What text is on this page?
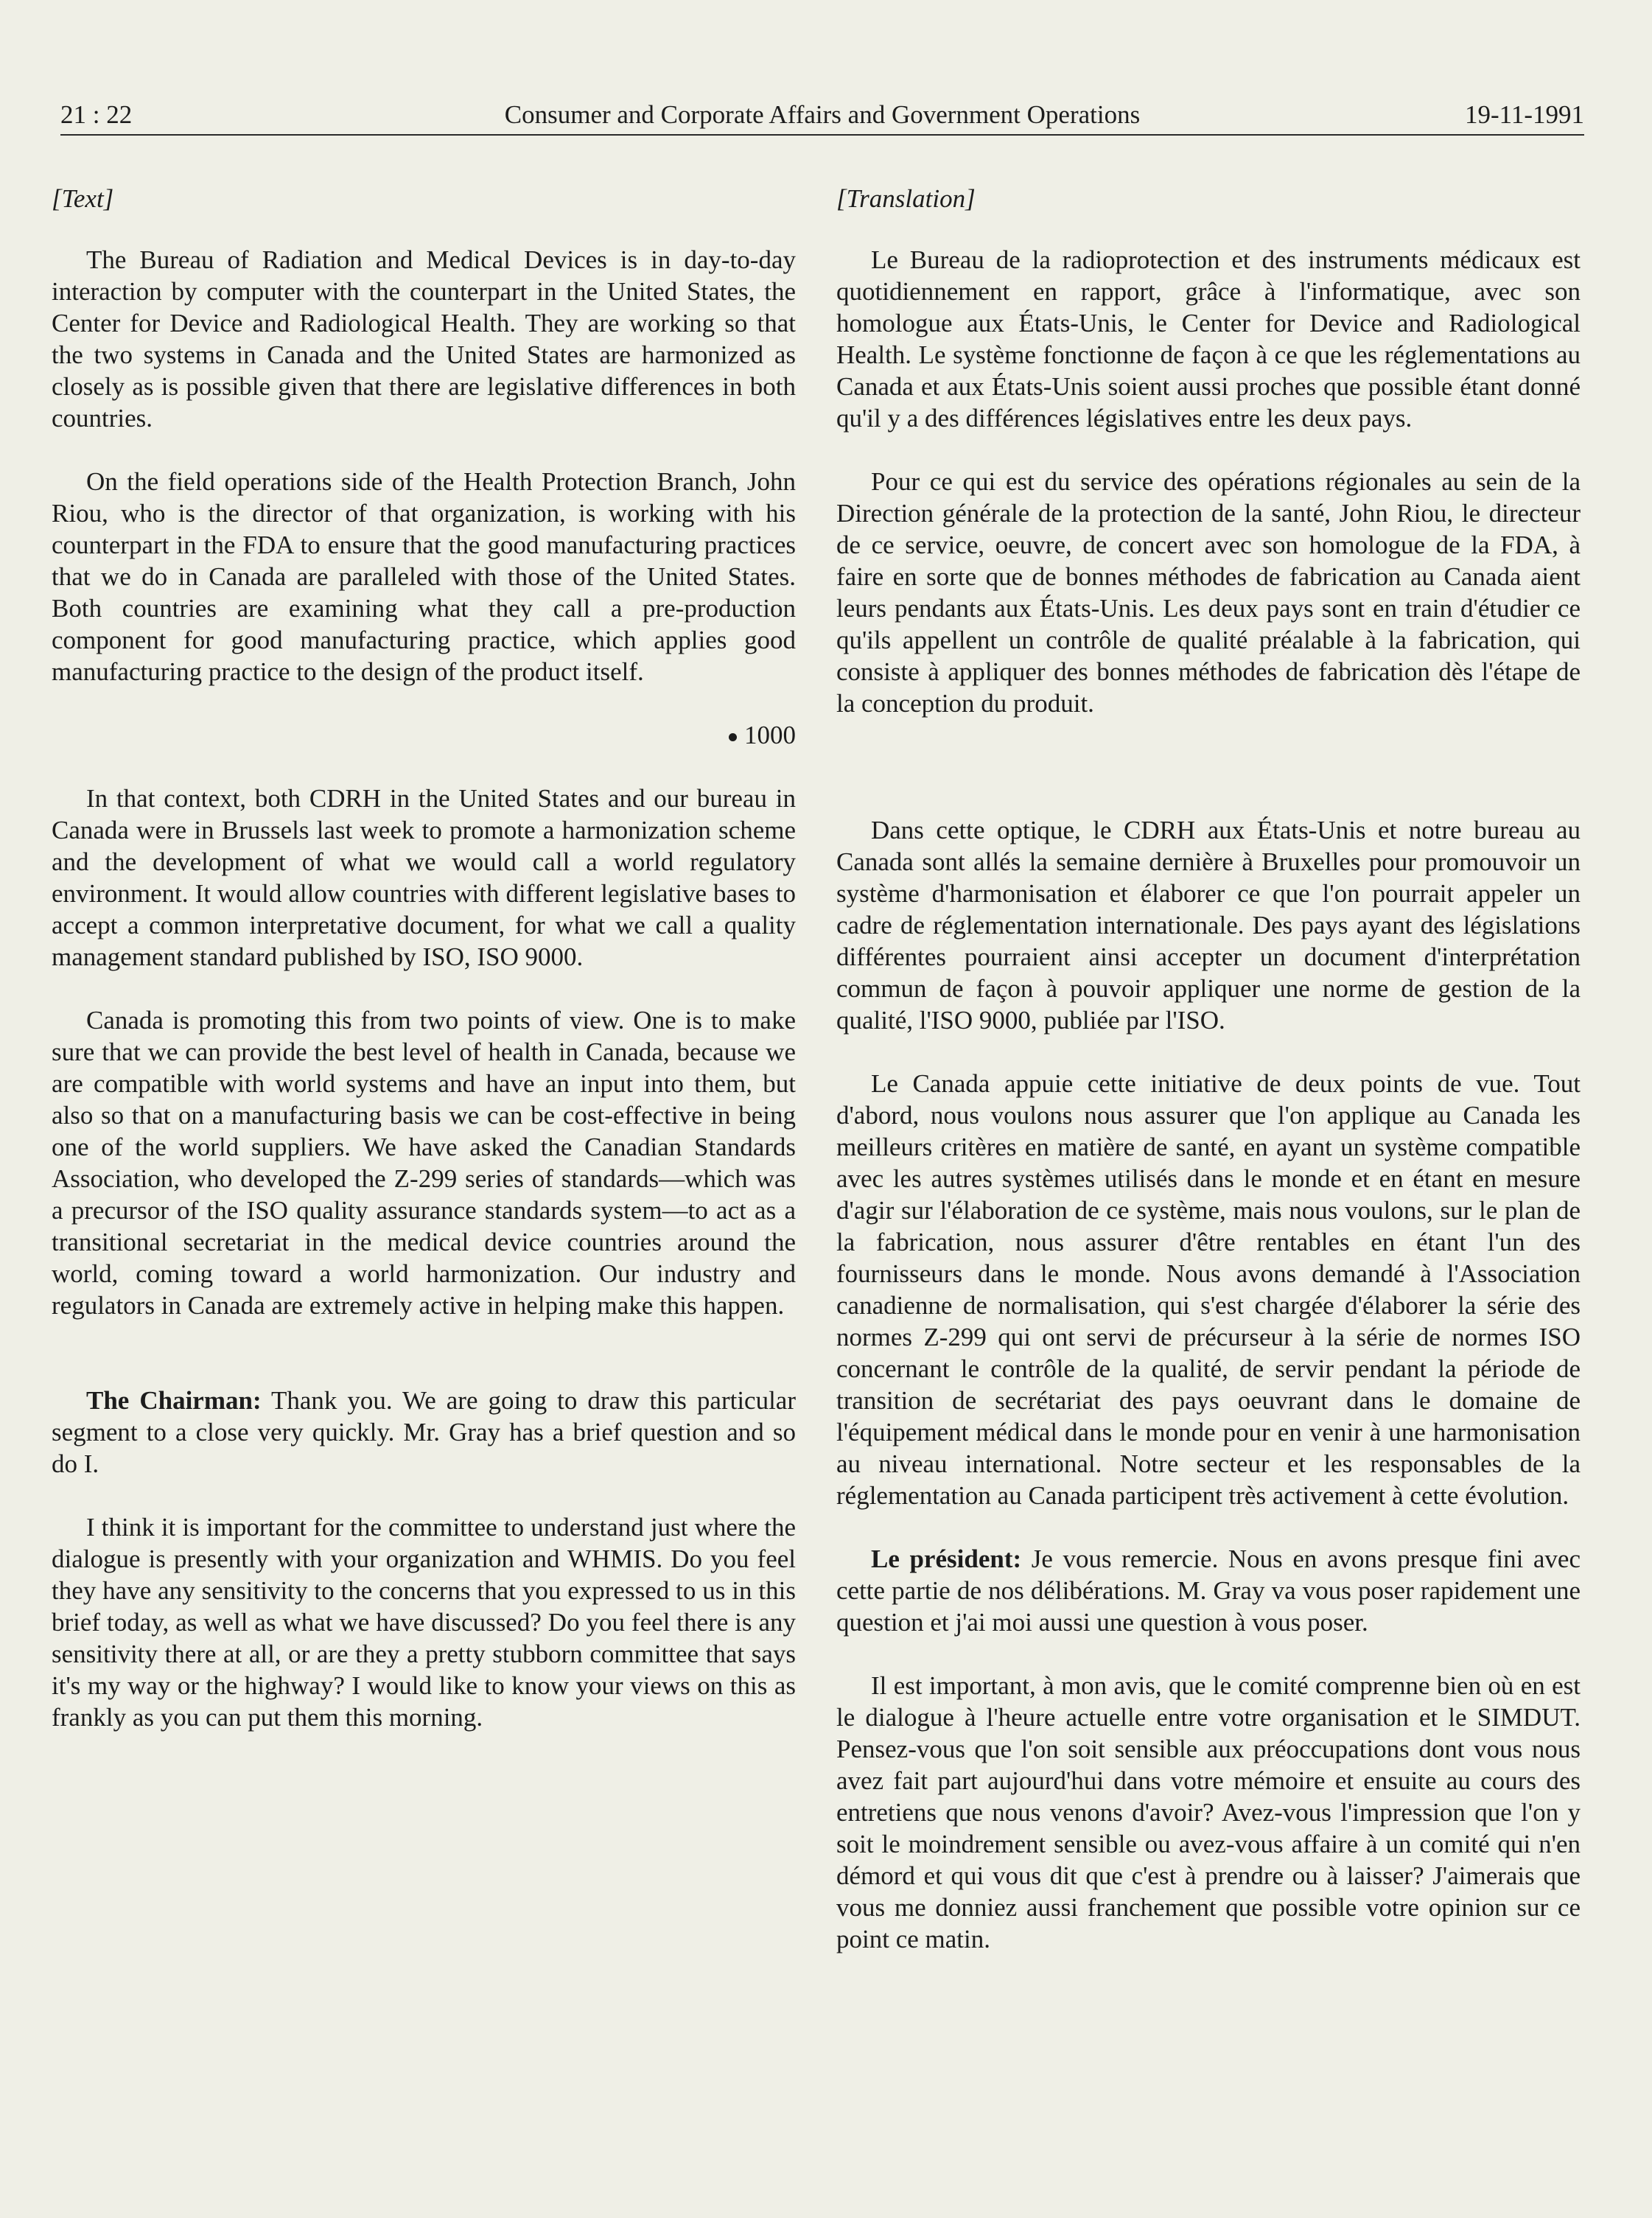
21 : 22	Consumer and Corporate Affairs and Government Operations	19-11-1991

[Text]

The Bureau of Radiation and Medical Devices is in day-to-day interaction by computer with the counterpart in the United States, the Center for Device and Radiological Health. They are working so that the two systems in Canada and the United States are harmonized as closely as is possible given that there are legislative differences in both countries.

On the field operations side of the Health Protection Branch, John Riou, who is the director of that organization, is working with his counterpart in the FDA to ensure that the good manufacturing practices that we do in Canada are paralleled with those of the United States. Both countries are examining what they call a pre-production component for good manufacturing practice, which applies good manufacturing practice to the design of the product itself.

1000

In that context, both CDRH in the United States and our bureau in Canada were in Brussels last week to promote a harmonization scheme and the development of what we would call a world regulatory environment. It would allow countries with different legislative bases to accept a common interpretative document, for what we call a quality management standard published by ISO, ISO 9000.

Canada is promoting this from two points of view. One is to make sure that we can provide the best level of health in Canada, because we are compatible with world systems and have an input into them, but also so that on a manufacturing basis we can be cost-effective in being one of the world suppliers. We have asked the Canadian Standards Association, who developed the Z-299 series of standards—which was a precursor of the ISO quality assurance standards system—to act as a transitional secretariat in the medical device countries around the world, coming toward a world harmonization. Our industry and regulators in Canada are extremely active in helping make this happen.

The Chairman: Thank you. We are going to draw this particular segment to a close very quickly. Mr. Gray has a brief question and so do I.

I think it is important for the committee to understand just where the dialogue is presently with your organization and WHMIS. Do you feel they have any sensitivity to the concerns that you expressed to us in this brief today, as well as what we have discussed? Do you feel there is any sensitivity there at all, or are they a pretty stubborn committee that says it's my way or the highway? I would like to know your views on this as frankly as you can put them this morning.

[Translation]

Le Bureau de la radioprotection et des instruments médicaux est quotidiennement en rapport, grâce à l'informatique, avec son homologue aux États-Unis, le Center for Device and Radiological Health. Le système fonctionne de façon à ce que les réglementations au Canada et aux États-Unis soient aussi proches que possible étant donné qu'il y a des différences législatives entre les deux pays.

Pour ce qui est du service des opérations régionales au sein de la Direction générale de la protection de la santé, John Riou, le directeur de ce service, oeuvre, de concert avec son homologue de la FDA, à faire en sorte que de bonnes méthodes de fabrication au Canada aient leurs pendants aux États-Unis. Les deux pays sont en train d'étudier ce qu'ils appellent un contrôle de qualité préalable à la fabrication, qui consiste à appliquer des bonnes méthodes de fabrication dès l'étape de la conception du produit.

Dans cette optique, le CDRH aux États-Unis et notre bureau au Canada sont allés la semaine dernière à Bruxelles pour promouvoir un système d'harmonisation et élaborer ce que l'on pourrait appeler un cadre de réglementation internationale. Des pays ayant des législations différentes pourraient ainsi accepter un document d'interprétation commun de façon à pouvoir appliquer une norme de gestion de la qualité, l'ISO 9000, publiée par l'ISO.

Le Canada appuie cette initiative de deux points de vue. Tout d'abord, nous voulons nous assurer que l'on applique au Canada les meilleurs critères en matière de santé, en ayant un système compatible avec les autres systèmes utilisés dans le monde et en étant en mesure d'agir sur l'élaboration de ce système, mais nous voulons, sur le plan de la fabrication, nous assurer d'être rentables en étant l'un des fournisseurs dans le monde. Nous avons demandé à l'Association canadienne de normalisation, qui s'est chargée d'élaborer la série des normes Z-299 qui ont servi de précurseur à la série de normes ISO concernant le contrôle de la qualité, de servir pendant la période de transition de secrétariat des pays oeuvrant dans le domaine de l'équipement médical dans le monde pour en venir à une harmonisation au niveau international. Notre secteur et les responsables de la réglementation au Canada participent très activement à cette évolution.

Le président: Je vous remercie. Nous en avons presque fini avec cette partie de nos délibérations. M. Gray va vous poser rapidement une question et j'ai moi aussi une question à vous poser.

Il est important, à mon avis, que le comité comprenne bien où en est le dialogue à l'heure actuelle entre votre organisation et le SIMDUT. Pensez-vous que l'on soit sensible aux préoccupations dont vous nous avez fait part aujourd'hui dans votre mémoire et ensuite au cours des entretiens que nous venons d'avoir? Avez-vous l'impression que l'on y soit le moindrement sensible ou avez-vous affaire à un comité qui n'en démord et qui vous dit que c'est à prendre ou à laisser? J'aimerais que vous me donniez aussi franchement que possible votre opinion sur ce point ce matin.
